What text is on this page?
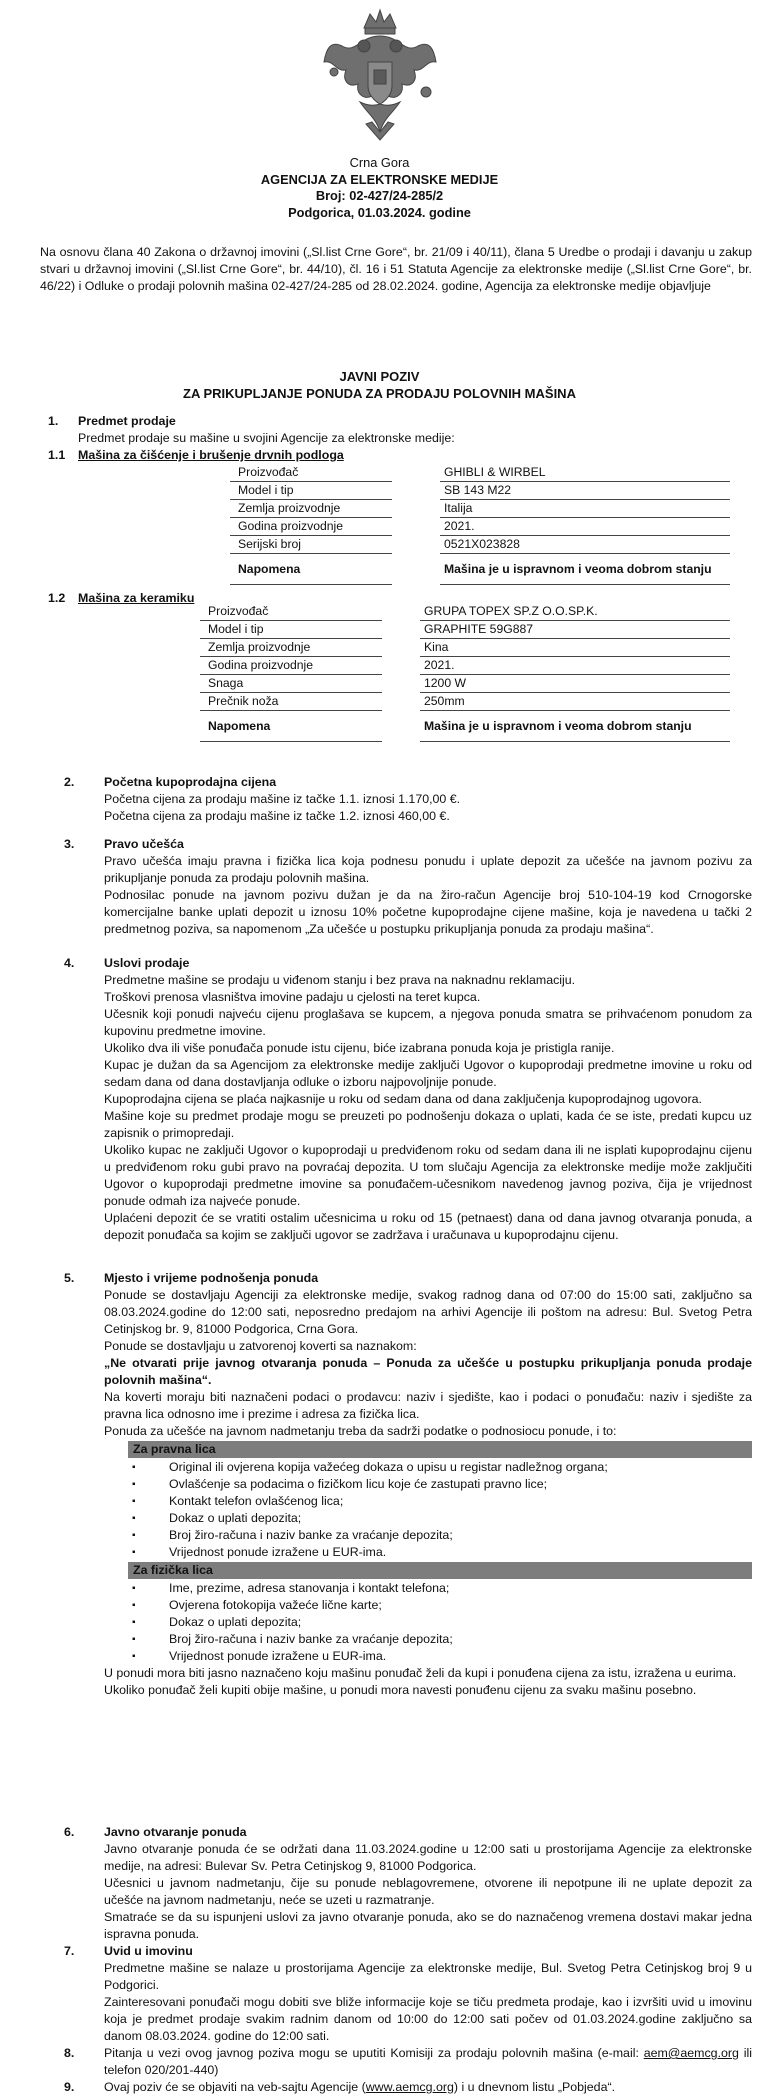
Crna Gora
AGENCIJA ZA ELEKTRONSKE MEDIJE
Broj: 02-427/24-285/2
Podgorica, 01.03.2024. godine
Na osnovu člana 40 Zakona o državnoj imovini („Sl.list Crne Gore“, br. 21/09 i 40/11), člana 5 Uredbe o prodaji i davanju u zakup stvari u državnoj imovini („Sl.list Crne Gore“, br. 44/10), čl. 16 i 51 Statuta Agencije za elektronske medije („Sl.list Crne Gore“, br. 46/22) i Odluke o prodaji polovnih mašina 02-427/24-285 od 28.02.2024. godine, Agencija za elektronske medije objavljuje
JAVNI POZIV
ZA PRIKUPLJANJE PONUDA ZA PRODAJU POLOVNIH MAŠINA
1. Predmet prodaje
Predmet prodaje su mašine u svojini Agencije za elektronske medije:
1.1 Mašina za čišćenje i brušenje drvnih podloga
Proizvođač		GHIBLI & WIRBEL
Model i tip		SB 143 M22
Zemlja proizvodnje		Italija
Godina proizvodnje		2021.
Serijski broj		0521X023828
Napomena		Mašina je u ispravnom i veoma dobrom stanju
1.2 Mašina za keramiku
Proizvođač		GRUPA TOPEX SP.Z O.O.SP.K.
Model i tip		GRAPHITE 59G887
Zemlja proizvodnje		Kina
Godina proizvodnje		2021.
Snaga		1200 W
Prečnik noža		250mm
Napomena		Mašina je u ispravnom i veoma dobrom stanju
2. Početna kupoprodajna cijena
Početna cijena za prodaju mašine iz tačke 1.1. iznosi 1.170,00 €.
Početna cijena za prodaju mašine iz tačke 1.2. iznosi 460,00 €.
3. Pravo učešća

Pravo učešća imaju pravna i fizička lica koja podnesu ponudu i uplate depozit za učešće na javnom pozivu za prikupljanje ponuda za prodaju polovnih mašina.

Podnosilac ponude na javnom pozivu dužan je da na žiro-račun Agencije broj 510-104-19 kod Crnogorske komercijalne banke uplati depozit u iznosu 10% početne kupoprodajne cijene mašine, koja je navedena u tački 2 predmetnog poziva, sa napomenom „Za učešće u postupku prikupljanja ponuda za prodaju mašina“.

4. Uslovi prodaje

Predmetne mašine se prodaju u viđenom stanju i bez prava na naknadnu reklamaciju.

Troškovi prenosa vlasništva imovine padaju u cjelosti na teret kupca.

Učesnik koji ponudi najveću cijenu proglašava se kupcem, a njegova ponuda smatra se prihvaćenom ponudom za kupovinu predmetne imovine.

Ukoliko dva ili više ponuđača ponude istu cijenu, biće izabrana ponuda koja je pristigla ranije.

Kupac je dužan da sa Agencijom za elektronske medije zaključi Ugovor o kupoprodaji predmetne imovine u roku od sedam dana od dana dostavljanja odluke o izboru najpovoljnije ponude.

Kupoprodajna cijena se plaća najkasnije u roku od sedam dana od dana zaključenja kupoprodajnog ugovora.

Mašine koje su predmet prodaje mogu se preuzeti po podnošenju dokaza o uplati, kada će se iste, predati kupcu uz zapisnik o primopredaji.

Ukoliko kupac ne zaključi Ugovor o kupoprodaji u predviđenom roku od sedam dana ili ne isplati kupoprodajnu cijenu u predviđenom roku gubi pravo na povraćaj depozita. U tom slučaju Agencija za elektronske medije može zaključiti Ugovor o kupoprodaji predmetne imovine sa ponuđačem-učesnikom navedenog javnog poziva, čija je vrijednost ponude odmah iza najveće ponude.

Uplaćeni depozit će se vratiti ostalim učesnicima u roku od 15 (petnaest) dana od dana javnog otvaranja ponuda, a depozit ponuđača sa kojim se zaključi ugovor se zadržava i uračunava u kupoprodajnu cijenu.

5. Mjesto i vrijeme podnošenja ponuda

Ponude se dostavljaju Agenciji za elektronske medije, svakog radnog dana od 07:00 do 15:00 sati, zaključno sa 08.03.2024.godine do 12:00 sati, neposredno predajom na arhivi Agencije ili poštom na adresu: Bul. Svetog Petra Cetinjskog br. 9, 81000 Podgorica, Crna Gora.

Ponude se dostavljaju u zatvorenoj koverti sa naznakom:

„Ne otvarati prije javnog otvaranja ponuda – Ponuda za učešće u postupku prikupljanja ponuda prodaje polovnih mašina“.

Na koverti moraju biti naznačeni podaci o prodavcu: naziv i sjedište, kao i podaci o ponuđaču: naziv i sjedište za pravna lica odnosno ime i prezime i adresa za fizička lica.

Ponuda za učešće na javnom nadmetanju treba da sadrži podatke o podnosiocu ponude, i to:

Za pravna lica
▪ Original ili ovjerena kopija važećeg dokaza o upisu u registar nadležnog organa;
▪ Ovlašćenje sa podacima o fizičkom licu koje će zastupati pravno lice;
▪ Kontakt telefon ovlašćenog lica;
▪ Dokaz o uplati depozita;
▪ Broj žiro-računa i naziv banke za vraćanje depozita;
▪ Vrijednost ponude izražene u EUR-ima.
Za fizička lica
▪ Ime, prezime, adresa stanovanja i kontakt telefona;
▪ Ovjerena fotokopija važeće lične karte;
▪ Dokaz o uplati depozita;
▪ Broj žiro-računa i naziv banke za vraćanje depozita;
▪ Vrijednost ponude izražene u EUR-ima.

U ponudi mora biti jasno naznačeno koju mašinu ponuđač želi da kupi i ponuđena cijena za istu, izražena u eurima.

Ukoliko ponuđač želi kupiti obije mašine, u ponudi mora navesti ponuđenu cijenu za svaku mašinu posebno.

6. Javno otvaranje ponuda

Javno otvaranje ponuda će se održati dana 11.03.2024.godine u 12:00 sati u prostorijama Agencije za elektronske medije, na adresi: Bulevar Sv. Petra Cetinjskog 9, 81000 Podgorica.

Učesnici u javnom nadmetanju, čije su ponude neblagovremene, otvorene ili nepotpune ili ne uplate depozit za učešće na javnom nadmetanju, neće se uzeti u razmatranje.

Smatraće se da su ispunjeni uslovi za javno otvaranje ponuda, ako se do naznačenog vremena dostavi makar jedna ispravna ponuda.

7. Uvid u imovinu

Predmetne mašine se nalaze u prostorijama Agencije za elektronske medije, Bul. Svetog Petra Cetinjskog broj 9 u Podgorici.

Zainteresovani ponuđači mogu dobiti sve bliže informacije koje se tiču predmeta prodaje, kao i izvršiti uvid u imovinu koja je predmet prodaje svakim radnim danom od 10:00 do 12:00 sati počev od 01.03.2024.godine zaključno sa danom 08.03.2024. godine do 12:00 sati.

8. Pitanja u vezi ovog javnog poziva mogu se uputiti Komisiji za prodaju polovnih mašina (e-mail: aem@aemcg.org ili telefon 020/201-440)
9. Ovaj poziv će se objaviti na veb-sajtu Agencije (www.aemcg.org) i u dnevnom listu „Pobjeda“.
